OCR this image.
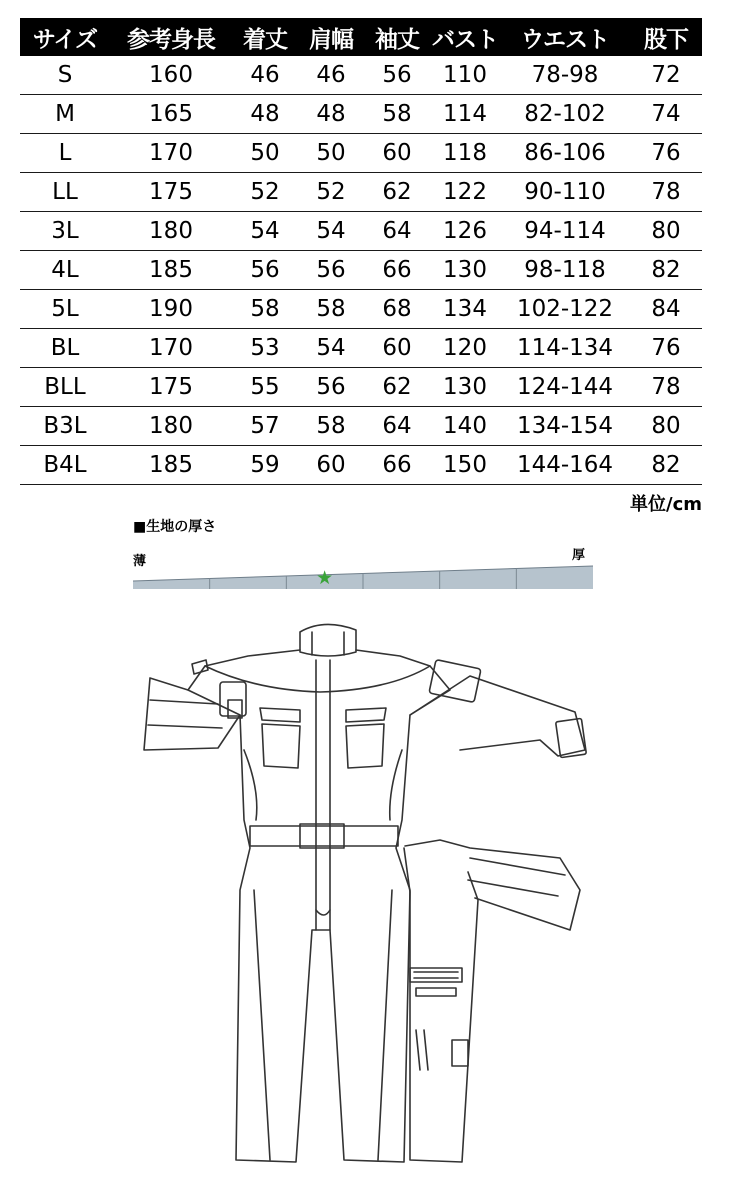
サイズ	参考身長	着丈	肩幅	袖丈	バスト	ウエスト	股下
S	160	46	46	56	110	78-98	72
M	165	48	48	58	114	82-102	74
L	170	50	50	60	118	86-106	76
LL	175	52	52	62	122	90-110	78
3L	180	54	54	64	126	94-114	80
4L	185	56	56	66	130	98-118	82
5L	190	58	58	68	134	102-122	84
BL	170	53	54	60	120	114-134	76
BLL	175	55	56	62	130	124-144	78
B3L	180	57	58	64	140	134-154	80
B4L	185	59	60	66	150	144-164	82
単位/cm
■生地の厚さ
薄	厚
★
